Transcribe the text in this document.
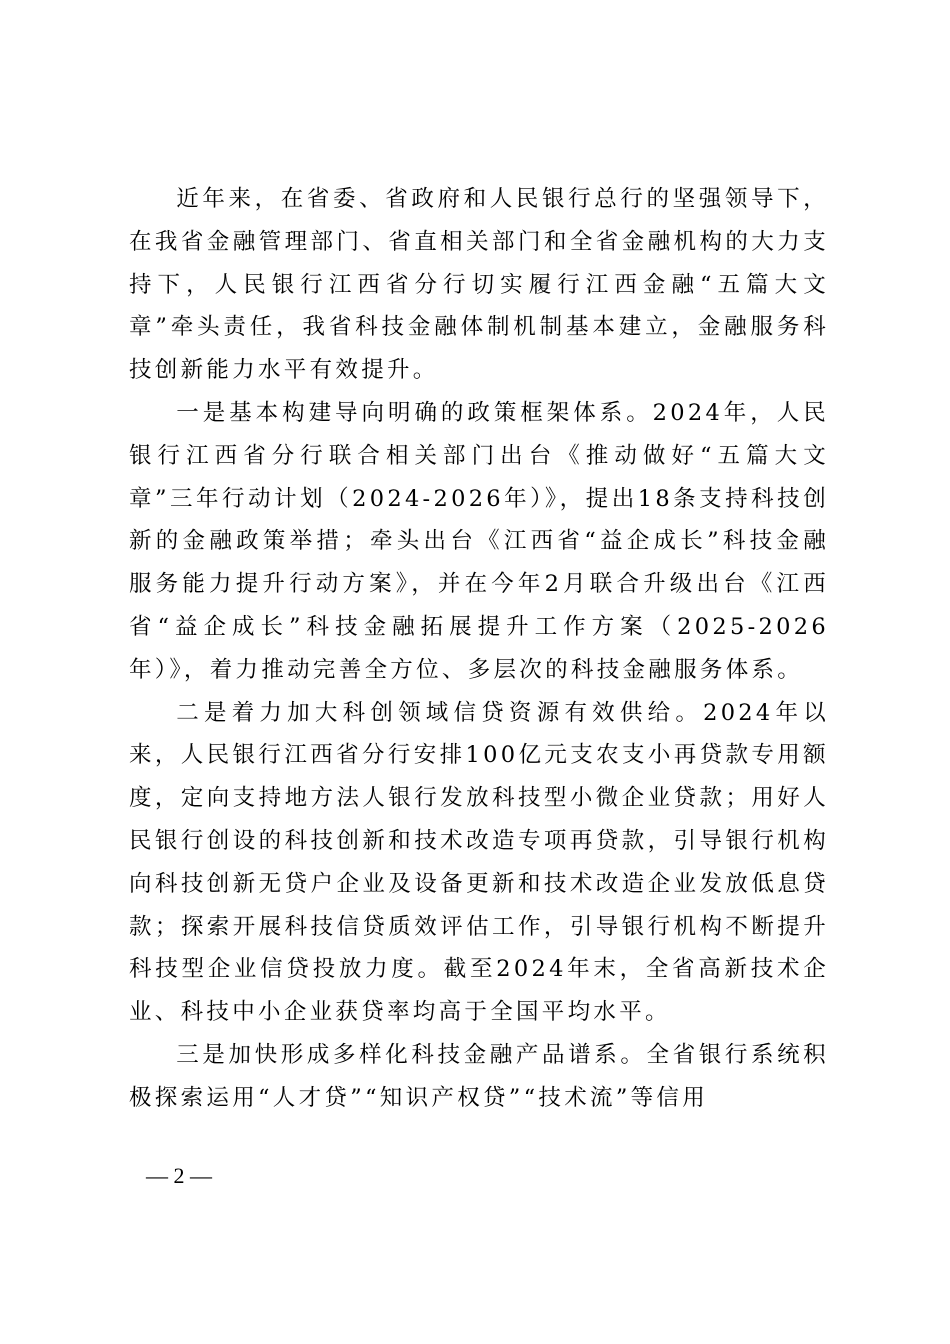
近年来，在省委、省政府和人民银行总行的坚强领导下，在我省金融管理部门、省直相关部门和全省金融机构的大力支持下，人民银行江西省分行切实履行江西金融“五篇大文章”牵头责任，我省科技金融体制机制基本建立，金融服务科技创新能力水平有效提升。

一是基本构建导向明确的政策框架体系。2024年，人民银行江西省分行联合相关部门出台《推动做好“五篇大文章”三年行动计划（2024-2026年）》，提出18条支持科技创新的金融政策举措；牵头出台《江西省“益企成长”科技金融服务能力提升行动方案》，并在今年2月联合升级出台《江西省“益企成长”科技金融拓展提升工作方案（2025-2026年）》，着力推动完善全方位、多层次的科技金融服务体系。

二是着力加大科创领域信贷资源有效供给。2024年以来，人民银行江西省分行安排100亿元支农支小再贷款专用额度，定向支持地方法人银行发放科技型小微企业贷款；用好人民银行创设的科技创新和技术改造专项再贷款，引导银行机构向科技创新无贷户企业及设备更新和技术改造企业发放低息贷款；探索开展科技信贷质效评估工作，引导银行机构不断提升科技型企业信贷投放力度。截至2024年末，全省高新技术企业、科技中小企业获贷率均高于全国平均水平。

三是加快形成多样化科技金融产品谱系。全省银行系统积极探索运用“人才贷”“知识产权贷”“技术流”等信用

— 2 —
